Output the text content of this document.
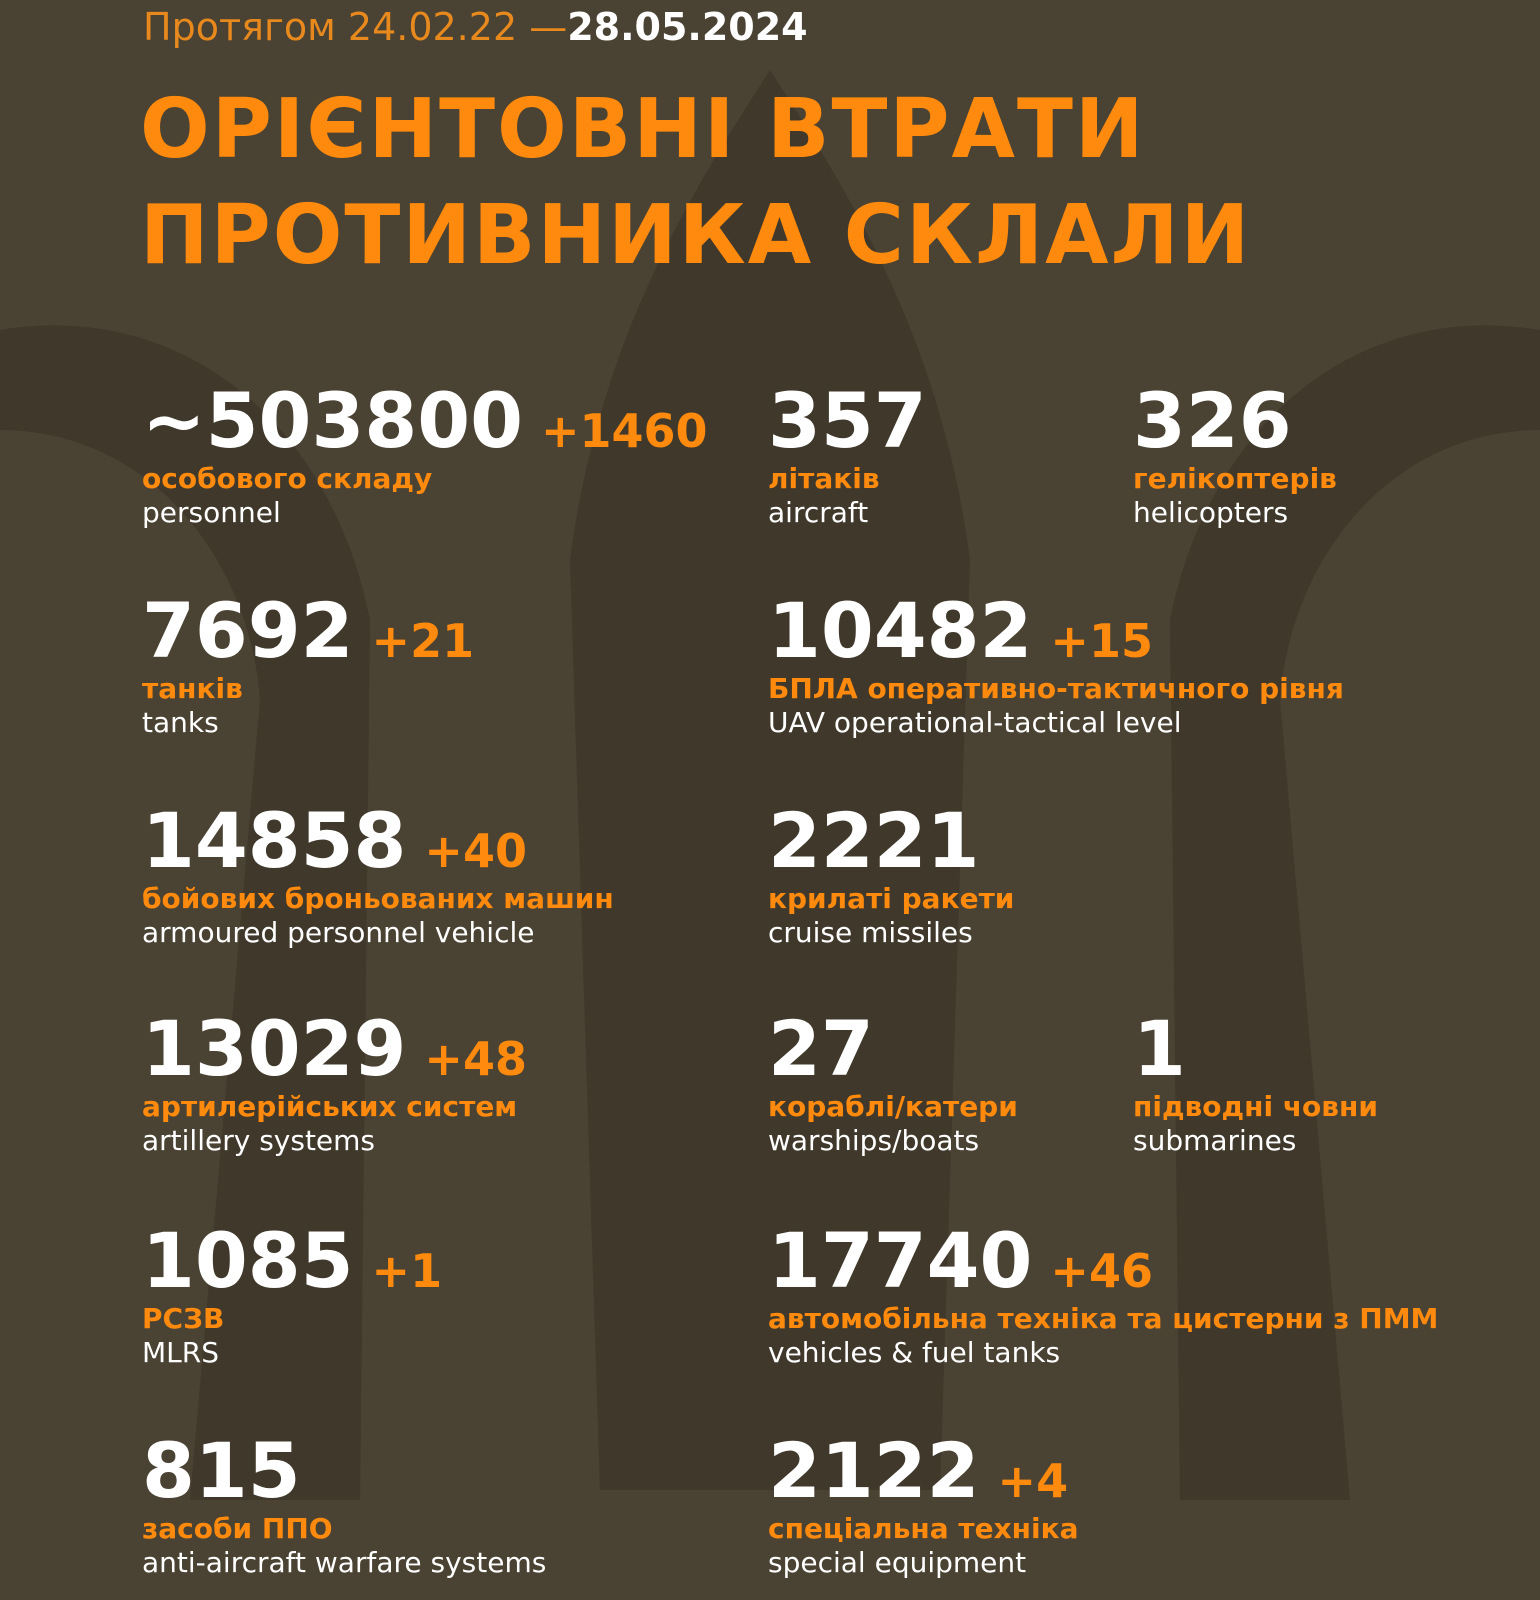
Протягом 24.02.22 —28.05.2024
ОРІЄНТОВНІ ВТРАТИ
ПРОТИВНИКА СКЛАЛИ
~503800 +1460
особового складу
personnel
357
літаків
aircraft
326
гелікоптерів
helicopters
7692 +21
танків
tanks
10482 +15
БПЛА оперативно-тактичного рівня
UAV operational-tactical level
14858 +40
бойових броньованих машин
armoured personnel vehicle
2221
крилаті ракети
cruise missiles
13029 +48
артилерійських систем
artillery systems
27
кораблі/катери
warships/boats
1
підводні човни
submarines
1085 +1
РСЗВ
MLRS
17740 +46
автомобільна техніка та цистерни з ПММ
vehicles & fuel tanks
815
засоби ППО
anti-aircraft warfare systems
2122 +4
спеціальна техніка
special equipment
